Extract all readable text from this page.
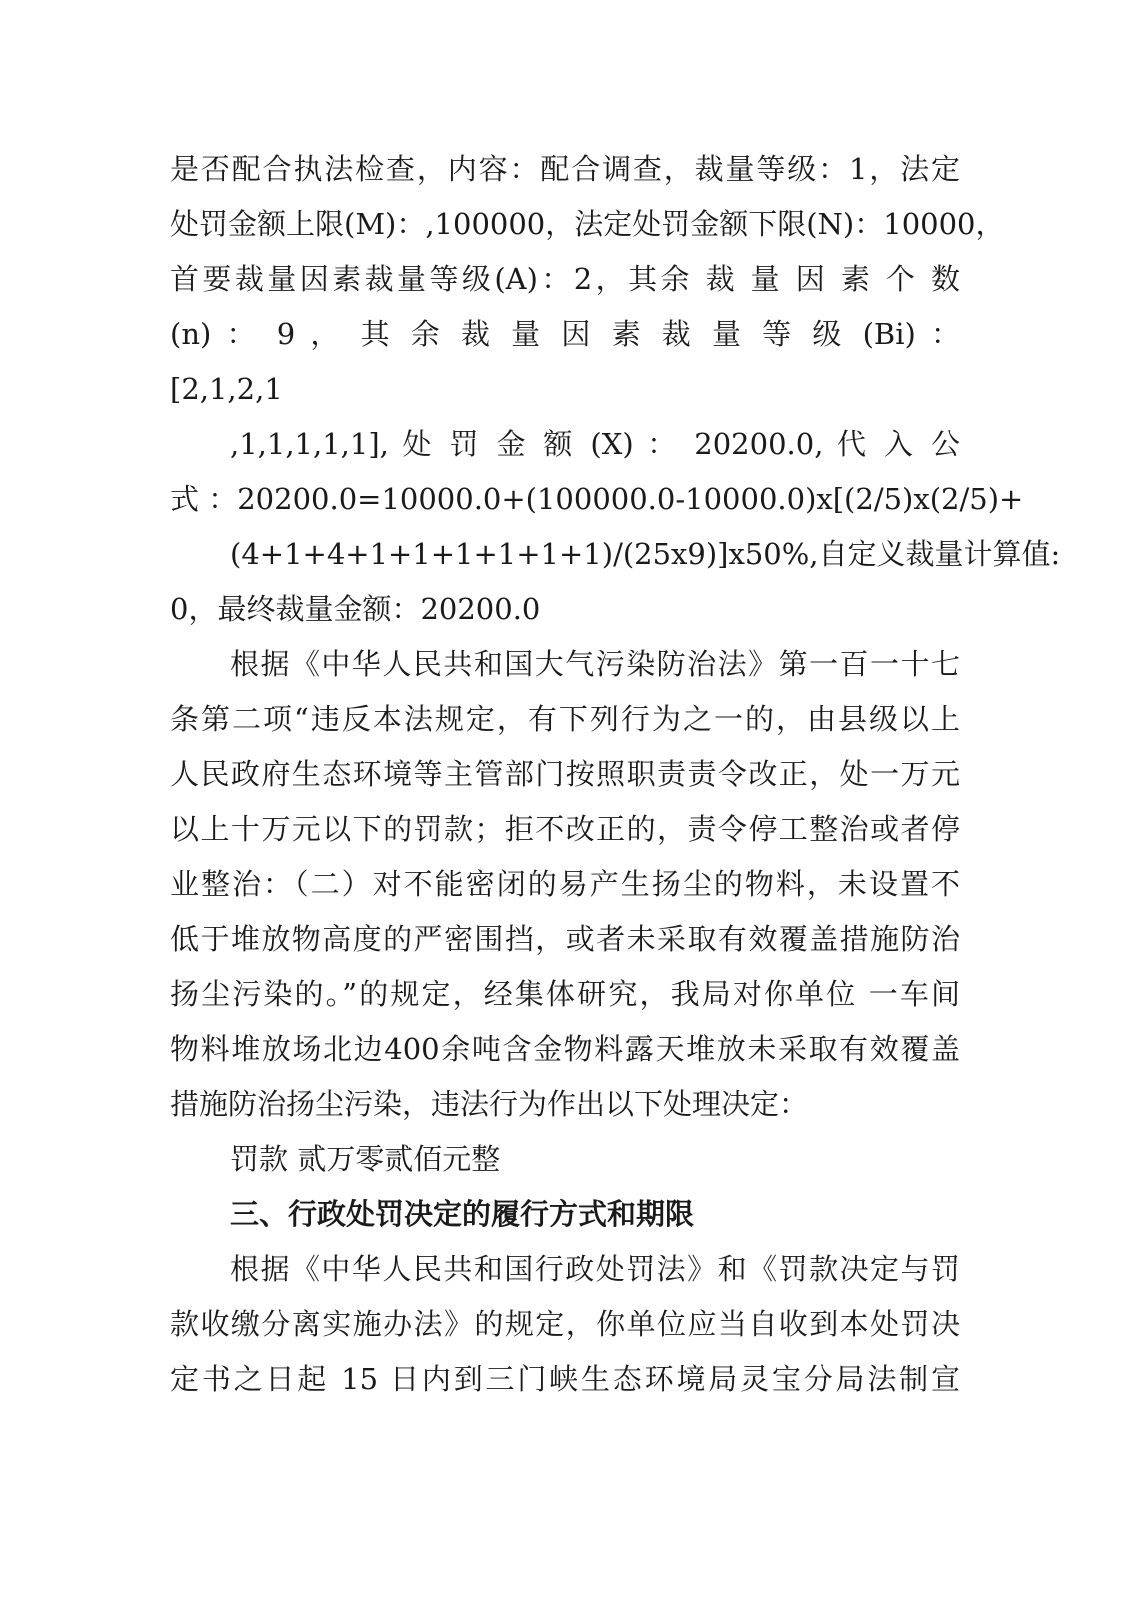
是否配合执法检查，内容：配合调查，裁量等级：1，法定
处罚金额上限(M)：,100000，法定处罚金额下限(N)：10000，
首要裁量因素裁量等级(A)：2，其余 裁 量 因 素 个 数
(n) ： 9 ， 其 余 裁 量 因 素 裁 量 等 级 (Bi) ：
[2,1,2,1
,1,1,1,1,1], 处 罚 金 额 (X) ： 20200.0, 代 入 公
式 ：20200.0=10000.0+(100000.0-10000.0)x[(2/5)x(2/5)+
(4+1+4+1+1+1+1+1+1)/(25x9)]x50%,自定义裁量计算值:
0，最终裁量金额：20200.0
根据《中华人民共和国大气污染防治法》第一百一十七
条第二项“违反本法规定，有下列行为之一的，由县级以上
人民政府生态环境等主管部门按照职责责令改正，处一万元
以上十万元以下的罚款；拒不改正的，责令停工整治或者停
业整治：（二）对不能密闭的易产生扬尘的物料，未设置不
低于堆放物高度的严密围挡，或者未采取有效覆盖措施防治
扬尘污染的。”的规定，经集体研究，我局对你单位 一车间
物料堆放场北边400余吨含金物料露天堆放未采取有效覆盖
措施防治扬尘污染，违法行为作出以下处理决定：
罚款 贰万零贰佰元整
三、行政处罚决定的履行方式和期限
根据《中华人民共和国行政处罚法》和《罚款决定与罚
款收缴分离实施办法》的规定，你单位应当自收到本处罚决
定书之日起 15 日内到三门峡生态环境局灵宝分局法制宣
